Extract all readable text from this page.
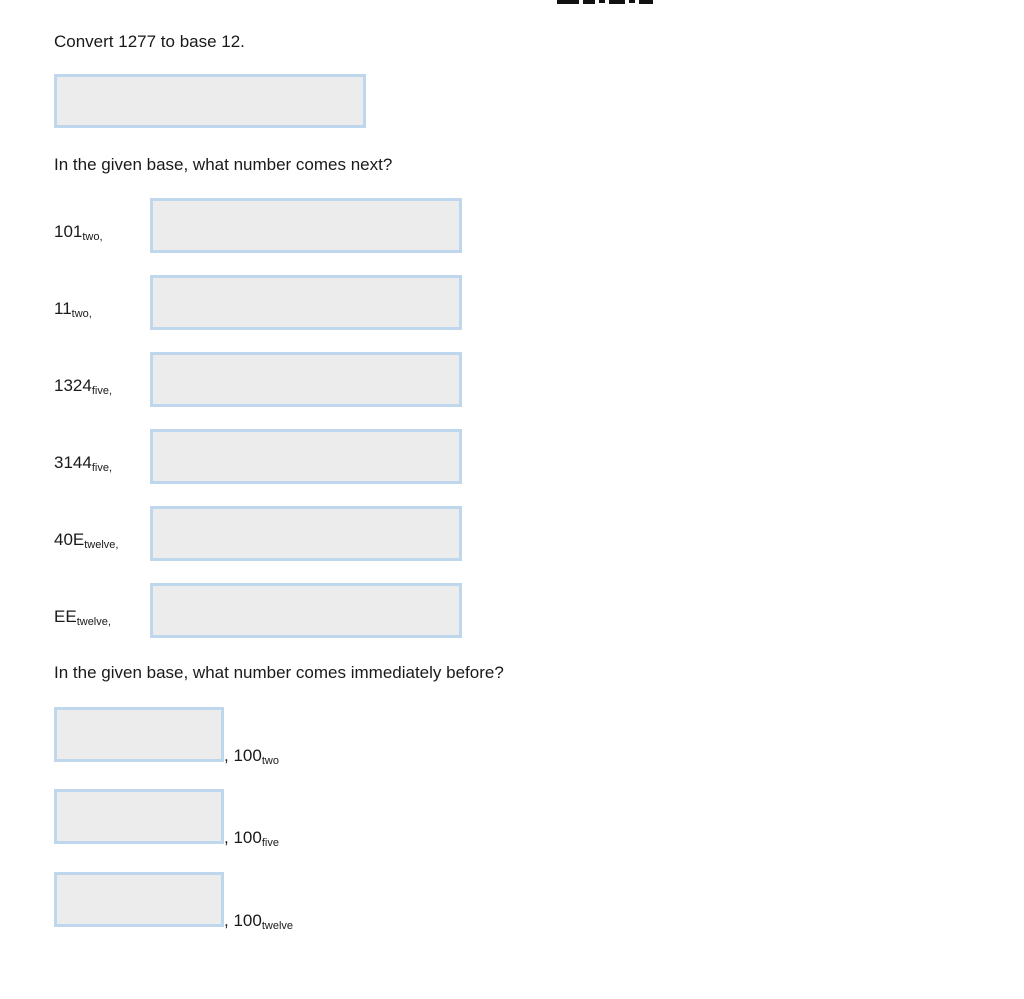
Convert 1277 to base 12.
In the given base, what number comes next?
$101_{two,}$
$11_{two,}$
$1324_{five,}$
$3144_{five,}$
$40E_{twelve,}$
$EE_{twelve,}$
In the given base, what number comes immediately before?
, $100_{two}$
, $100_{five}$
, $100_{twelve}$
